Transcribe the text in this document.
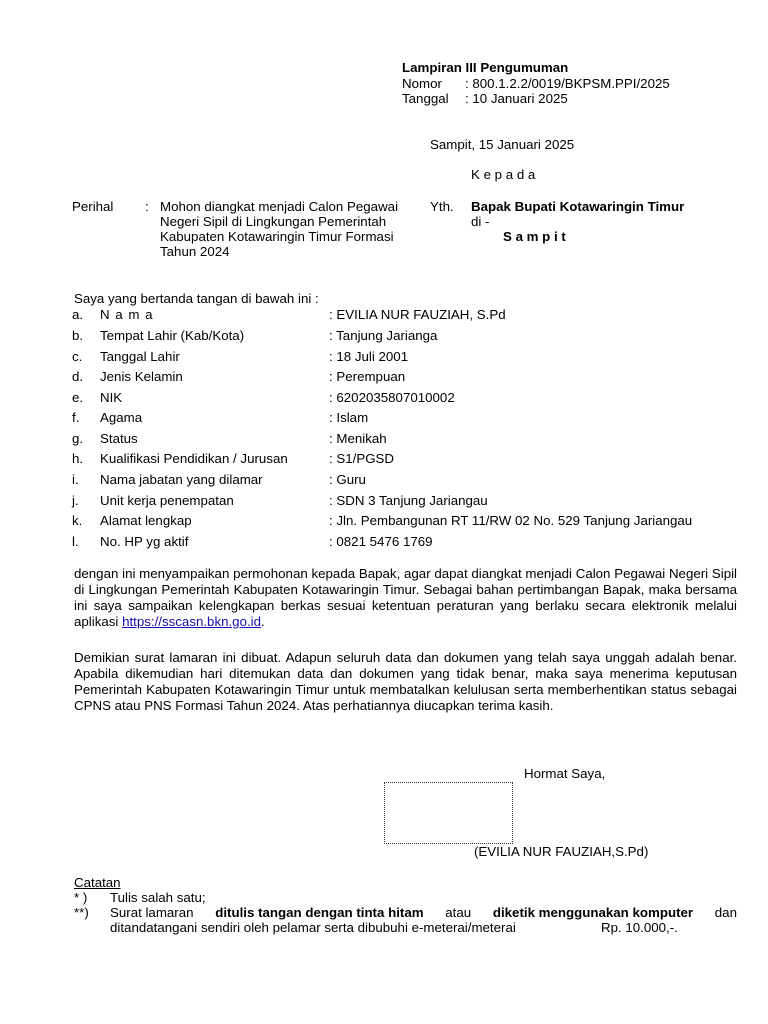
Lampiran III Pengumuman
Nomor : 800.1.2.2/0019/BKPSM.PPI/2025
Tanggal : 10 Januari 2025
Sampit, 15 Januari 2025
K e p a d a
Perihal : Mohon diangkat menjadi Calon Pegawai
Negeri Sipil di Lingkungan Pemerintah
Kabupaten Kotawaringin Timur Formasi
Tahun 2024
Yth. Bapak Bupati Kotawaringin Timur
di -
S a m p i t
Saya yang bertanda tangan di bawah ini :
a. N a m a	: EVILIA NUR FAUZIAH, S.Pd
b. Tempat Lahir (Kab/Kota)	: Tanjung Jarianga
c. Tanggal Lahir	: 18 Juli 2001
d. Jenis Kelamin	: Perempuan
e. NIK	: 6202035807010002
f. Agama	: Islam
g. Status	: Menikah
h. Kualifikasi Pendidikan / Jurusan	: S1/PGSD
i. Nama jabatan yang dilamar	: Guru
j. Unit kerja penempatan	: SDN 3 Tanjung Jariangau
k. Alamat lengkap	: Jln. Pembangunan RT 11/RW 02 No. 529 Tanjung Jariangau
l. No. HP yg aktif	: 0821 5476 1769
dengan ini menyampaikan permohonan kepada Bapak, agar dapat diangkat menjadi Calon Pegawai Negeri Sipil di Lingkungan Pemerintah Kabupaten Kotawaringin Timur. Sebagai bahan pertimbangan Bapak, maka bersama ini saya sampaikan kelengkapan berkas sesuai ketentuan peraturan yang berlaku secara elektronik melalui aplikasi https://sscasn.bkn.go.id.
Demikian surat lamaran ini dibuat. Adapun seluruh data dan dokumen yang telah saya unggah adalah benar. Apabila dikemudian hari ditemukan data dan dokumen yang tidak benar, maka saya menerima keputusan Pemerintah Kabupaten Kotawaringin Timur untuk membatalkan kelulusan serta memberhentikan status sebagai CPNS atau PNS Formasi Tahun 2024. Atas perhatiannya diucapkan terima kasih.
Hormat Saya,
(EVILIA NUR FAUZIAH,S.Pd)
Catatan
* ) Tulis salah satu;
**) Surat lamaran ditulis tangan dengan tinta hitam atau diketik menggunakan komputer dan
ditandatangani sendiri oleh pelamar serta dibubuhi e-meterai/meterai	Rp. 10.000,-.
